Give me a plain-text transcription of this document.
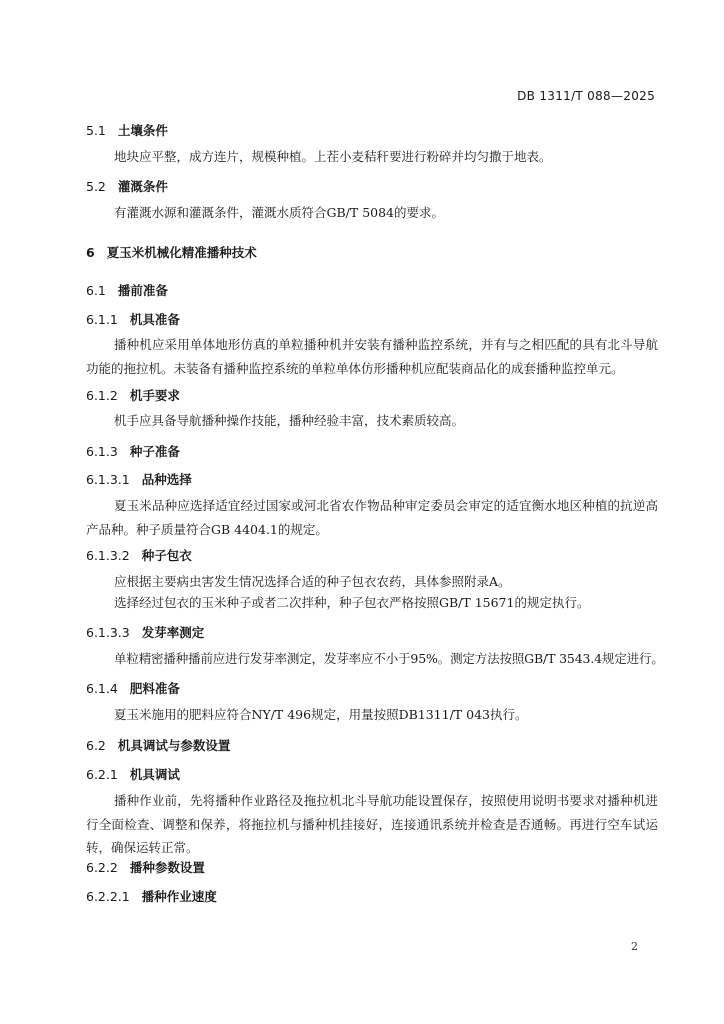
DB 1311/T 088—2025
5.1 土壤条件
地块应平整，成方连片，规模种植。上茬小麦秸秆要进行粉碎并均匀撒于地表。
5.2 灌溉条件
有灌溉水源和灌溉条件，灌溉水质符合GB/T 5084的要求。
6 夏玉米机械化精准播种技术
6.1 播前准备
6.1.1 机具准备
播种机应采用单体地形仿真的单粒播种机并安装有播种监控系统，并有与之相匹配的具有北斗导航功能的拖拉机。未装备有播种监控系统的单粒单体仿形播种机应配装商品化的成套播种监控单元。
6.1.2 机手要求
机手应具备导航播种操作技能，播种经验丰富，技术素质较高。
6.1.3 种子准备
6.1.3.1 品种选择
夏玉米品种应选择适宜经过国家或河北省农作物品种审定委员会审定的适宜衡水地区种植的抗逆高产品种。种子质量符合GB 4404.1的规定。
6.1.3.2 种子包衣
应根据主要病虫害发生情况选择合适的种子包衣农药，具体参照附录A。
选择经过包衣的玉米种子或者二次拌种，种子包衣严格按照GB/T 15671的规定执行。
6.1.3.3 发芽率测定
单粒精密播种播前应进行发芽率测定，发芽率应不小于95%。测定方法按照GB/T 3543.4规定进行。
6.1.4 肥料准备
夏玉米施用的肥料应符合NY/T 496规定，用量按照DB1311/T 043执行。
6.2 机具调试与参数设置
6.2.1 机具调试
播种作业前，先将播种作业路径及拖拉机北斗导航功能设置保存，按照使用说明书要求对播种机进行全面检查、调整和保养，将拖拉机与播种机挂接好，连接通讯系统并检查是否通畅。再进行空车试运转，确保运转正常。
6.2.2 播种参数设置
6.2.2.1 播种作业速度
2
